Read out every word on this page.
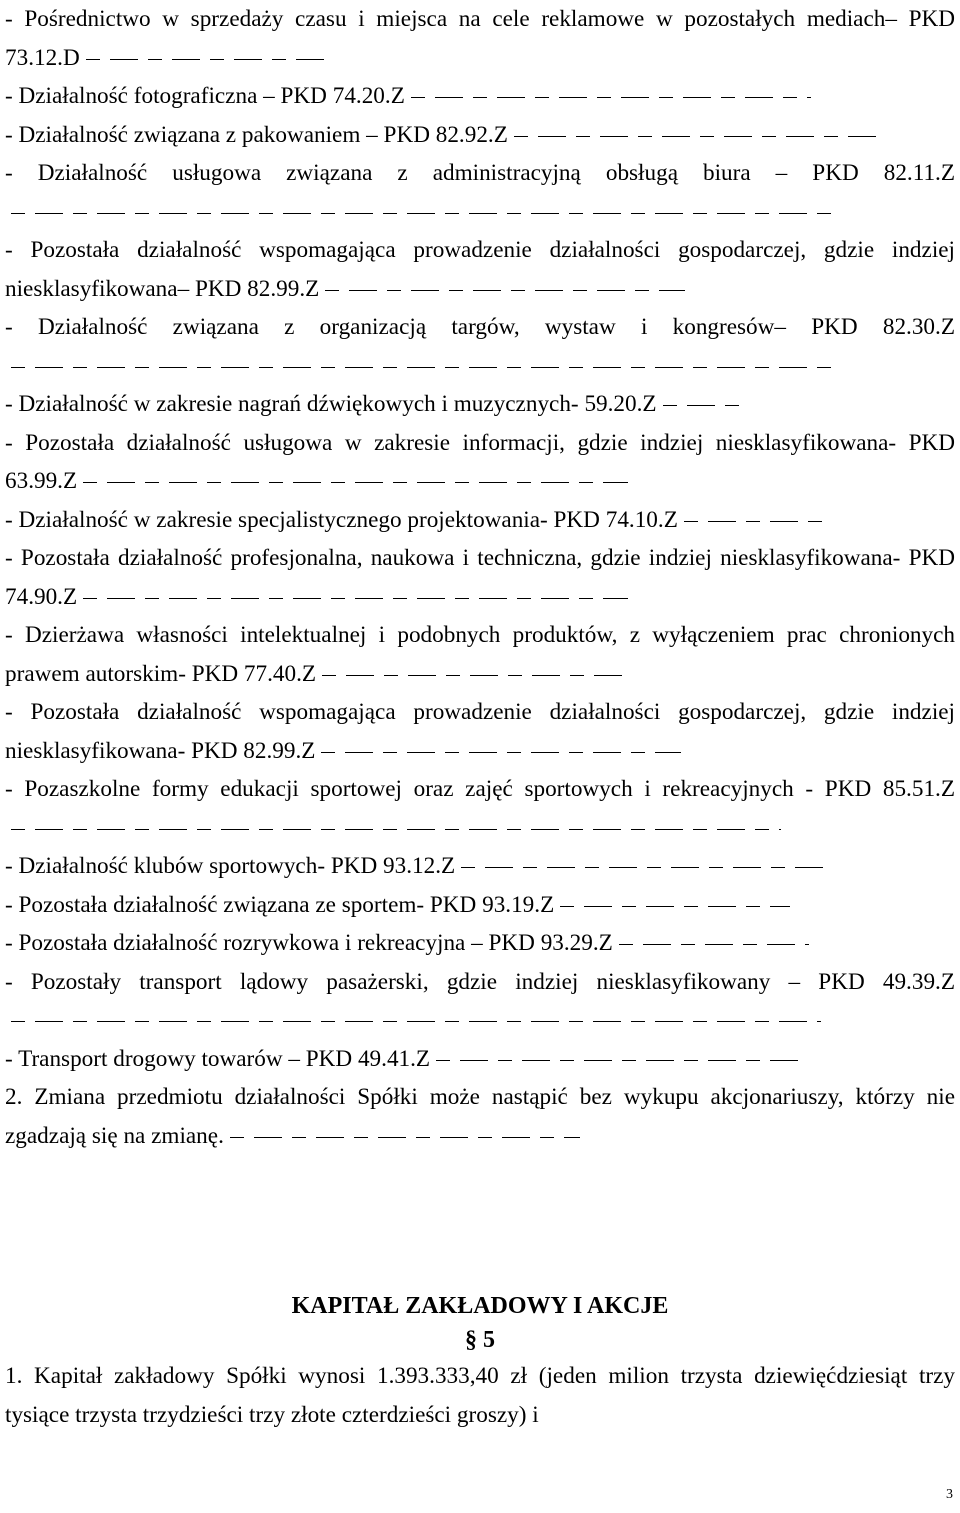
- Pośrednictwo w sprzedaży czasu i miejsca na cele reklamowe w pozostałych mediach– PKD 73.12.D

- Działalność fotograficzna – PKD 74.20.Z

- Działalność związana z pakowaniem – PKD 82.92.Z

- Działalność usługowa związana z administracyjną obsługą biura – PKD 82.11.Z

- Pozostała działalność wspomagająca prowadzenie działalności gospodarczej, gdzie indziej niesklasyfikowana– PKD 82.99.Z

- Działalność związana z organizacją targów, wystaw i kongresów– PKD 82.30.Z

- Działalność w zakresie nagrań dźwiękowych i muzycznych- 59.20.Z

- Pozostała działalność usługowa w zakresie informacji, gdzie indziej niesklasyfikowana- PKD 63.99.Z

- Działalność w zakresie specjalistycznego projektowania- PKD 74.10.Z

- Pozostała działalność profesjonalna, naukowa i techniczna, gdzie indziej niesklasyfikowana- PKD 74.90.Z

- Dzierżawa własności intelektualnej i podobnych produktów, z wyłączeniem prac chronionych prawem autorskim- PKD 77.40.Z

- Pozostała działalność wspomagająca prowadzenie działalności gospodarczej, gdzie indziej niesklasyfikowana- PKD 82.99.Z

- Pozaszkolne formy edukacji sportowej oraz zajęć sportowych i rekreacyjnych - PKD 85.51.Z

- Działalność klubów sportowych- PKD 93.12.Z

- Pozostała działalność związana ze sportem- PKD 93.19.Z

- Pozostała działalność rozrywkowa i rekreacyjna – PKD 93.29.Z

- Pozostały transport lądowy pasażerski, gdzie indziej niesklasyfikowany – PKD 49.39.Z

- Transport drogowy towarów – PKD 49.41.Z

2. Zmiana przedmiotu działalności Spółki może nastąpić bez wykupu akcjonariuszy, którzy nie zgadzają się na zmianę.

KAPITAŁ ZAKŁADOWY I AKCJE

§ 5

1. Kapitał zakładowy Spółki wynosi 1.393.333,40 zł (jeden milion trzysta dziewięćdziesiąt trzy tysiące trzysta trzydzieści trzy złote czterdzieści groszy) i

3
